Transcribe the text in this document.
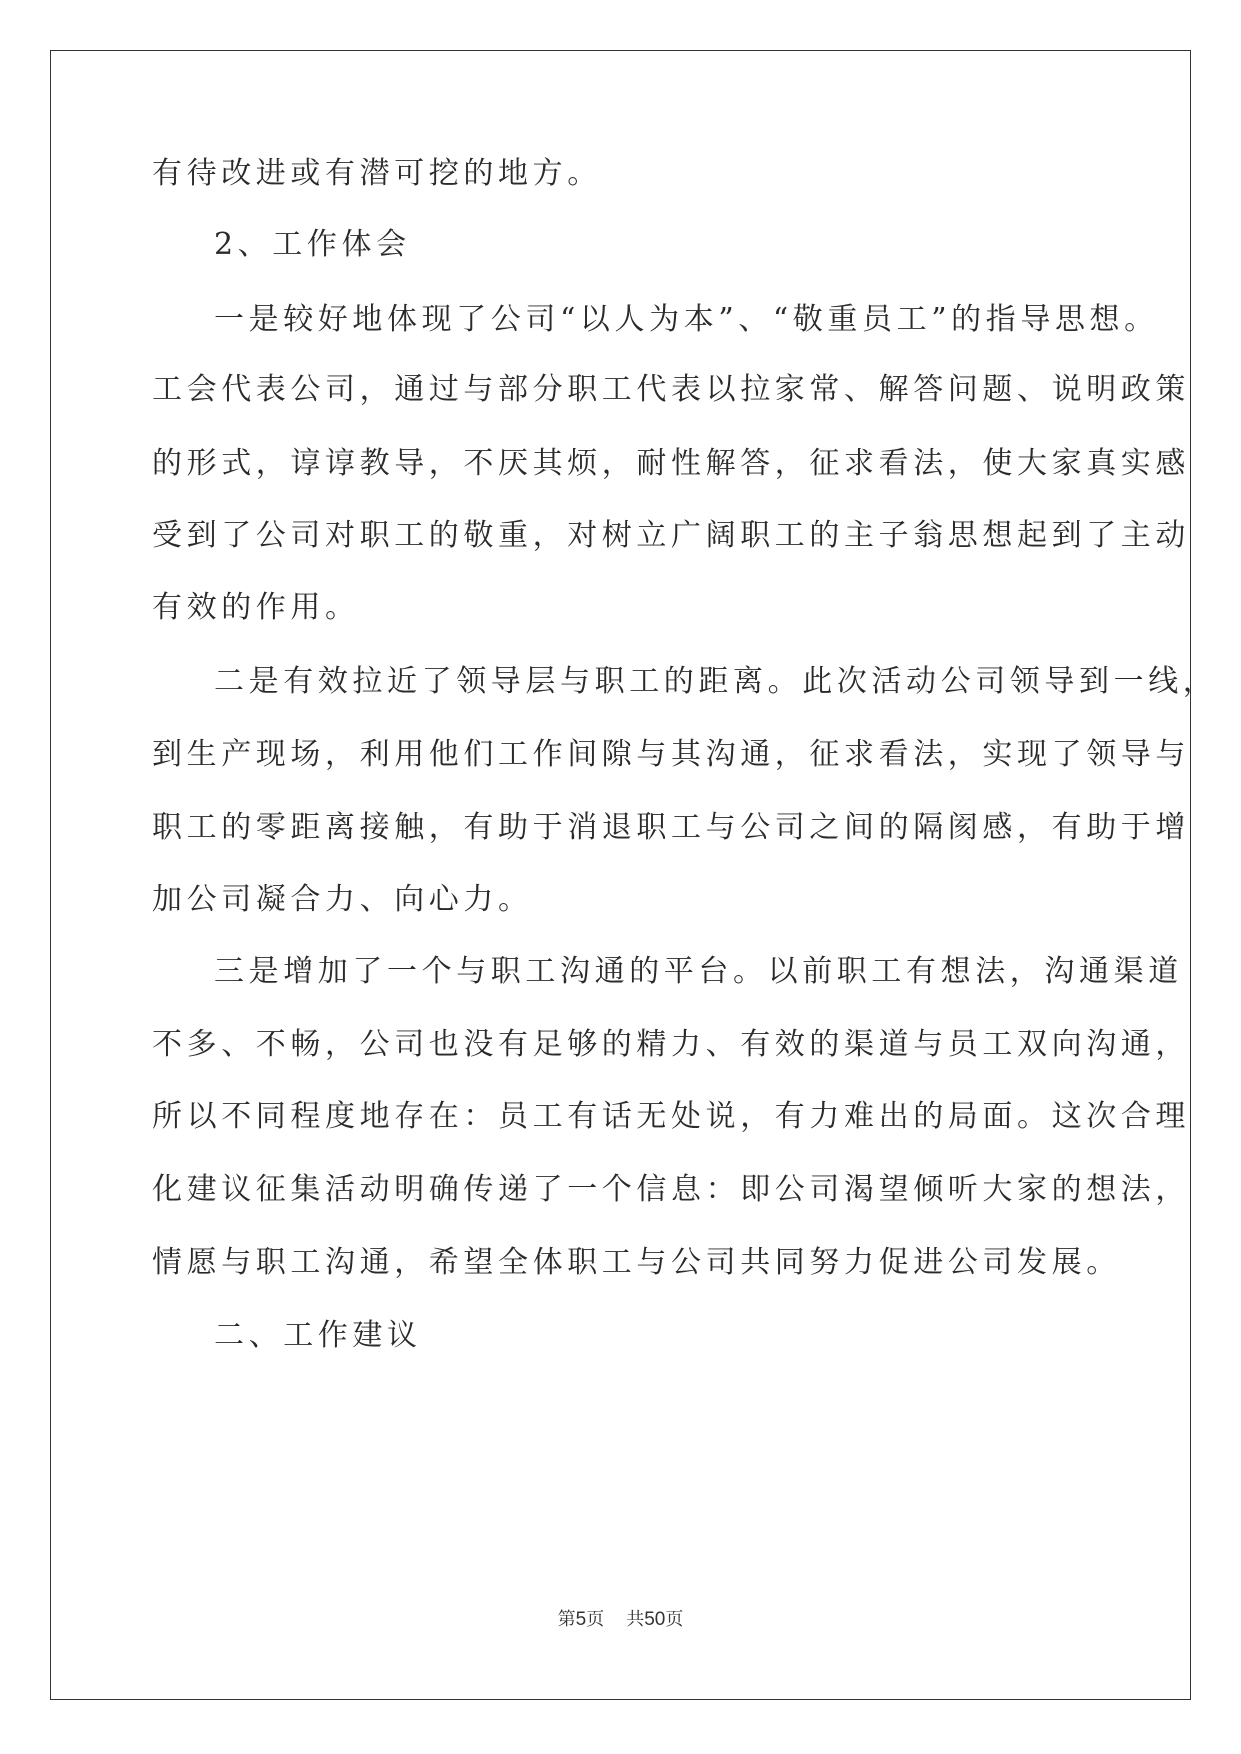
有待改进或有潜可挖的地方。
2、工作体会
一是较好地体现了公司“以人为本”、“敬重员工”的指导思想。
工会代表公司，通过与部分职工代表以拉家常、解答问题、说明政策
的形式，谆谆教导，不厌其烦，耐性解答，征求看法，使大家真实感
受到了公司对职工的敬重，对树立广阔职工的主子翁思想起到了主动
有效的作用。
二是有效拉近了领导层与职工的距离。此次活动公司领导到一线，
到生产现场，利用他们工作间隙与其沟通，征求看法，实现了领导与
职工的零距离接触，有助于消退职工与公司之间的隔阂感，有助于增
加公司凝合力、向心力。
三是增加了一个与职工沟通的平台。以前职工有想法，沟通渠道
不多、不畅，公司也没有足够的精力、有效的渠道与员工双向沟通，
所以不同程度地存在：员工有话无处说，有力难出的局面。这次合理
化建议征集活动明确传递了一个信息：即公司渴望倾听大家的想法，
情愿与职工沟通，希望全体职工与公司共同努力促进公司发展。
二、工作建议
第5页 共50页
